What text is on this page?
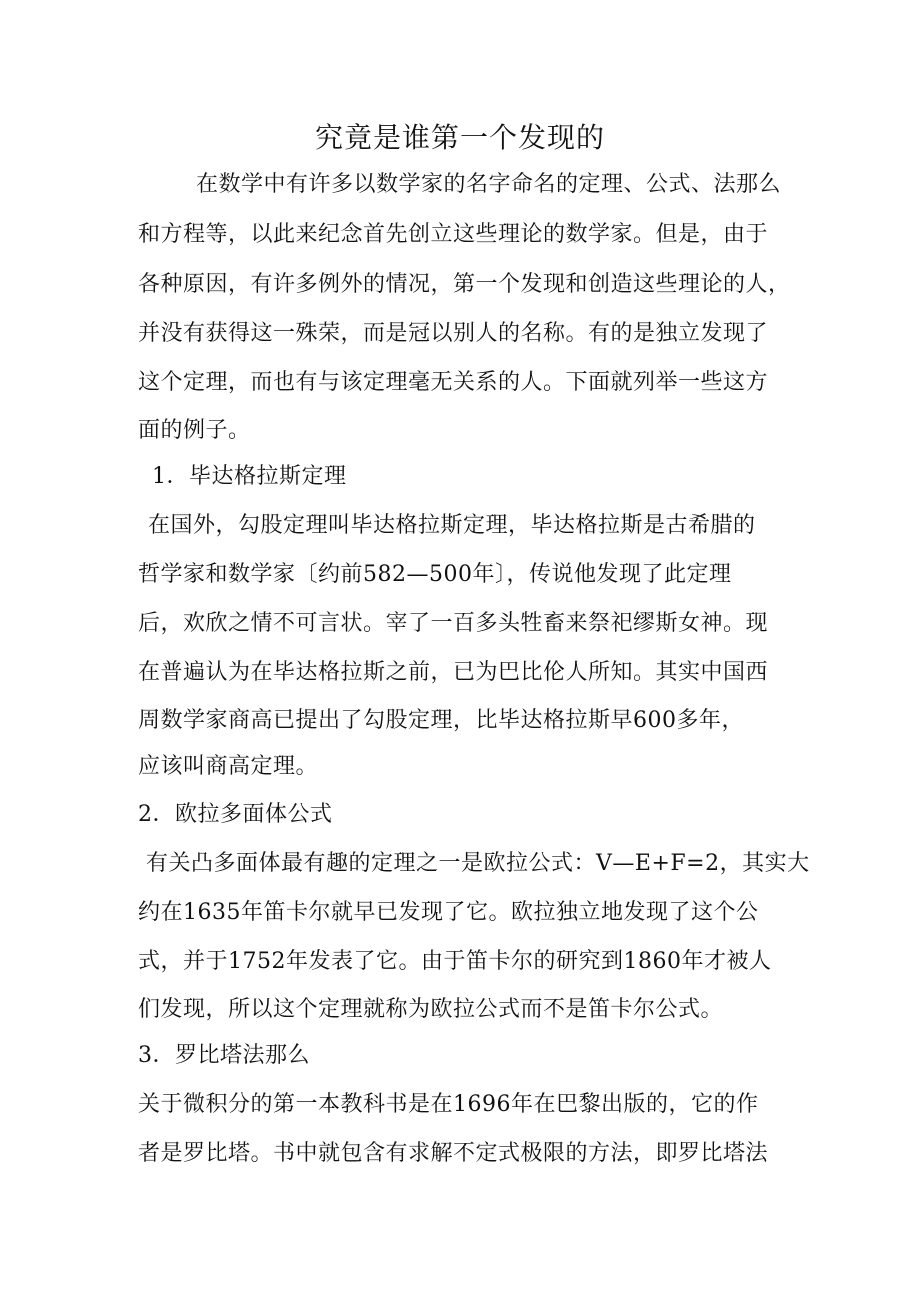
究竟是谁第一个发现的
在数学中有许多以数学家的名字命名的定理、公式、法那么
和方程等，以此来纪念首先创立这些理论的数学家。但是，由于
各种原因，有许多例外的情况，第一个发现和创造这些理论的人，
并没有获得这一殊荣，而是冠以别人的名称。有的是独立发现了
这个定理，而也有与该定理毫无关系的人。下面就列举一些这方
面的例子。
1．毕达格拉斯定理
在国外，勾股定理叫毕达格拉斯定理，毕达格拉斯是古希腊的
哲学家和数学家〔约前582—500年〕，传说他发现了此定理
后，欢欣之情不可言状。宰了一百多头牲畜来祭祀缪斯女神。现
在普遍认为在毕达格拉斯之前，已为巴比伦人所知。其实中国西
周数学家商高已提出了勾股定理，比毕达格拉斯早600多年，
应该叫商高定理。
2．欧拉多面体公式
有关凸多面体最有趣的定理之一是欧拉公式：V—E+F=2，其实大
约在1635年笛卡尔就早已发现了它。欧拉独立地发现了这个公
式，并于1752年发表了它。由于笛卡尔的研究到1860年才被人
们发现，所以这个定理就称为欧拉公式而不是笛卡尔公式。
3．罗比塔法那么
关于微积分的第一本教科书是在1696年在巴黎出版的，它的作
者是罗比塔。书中就包含有求解不定式极限的方法，即罗比塔法
